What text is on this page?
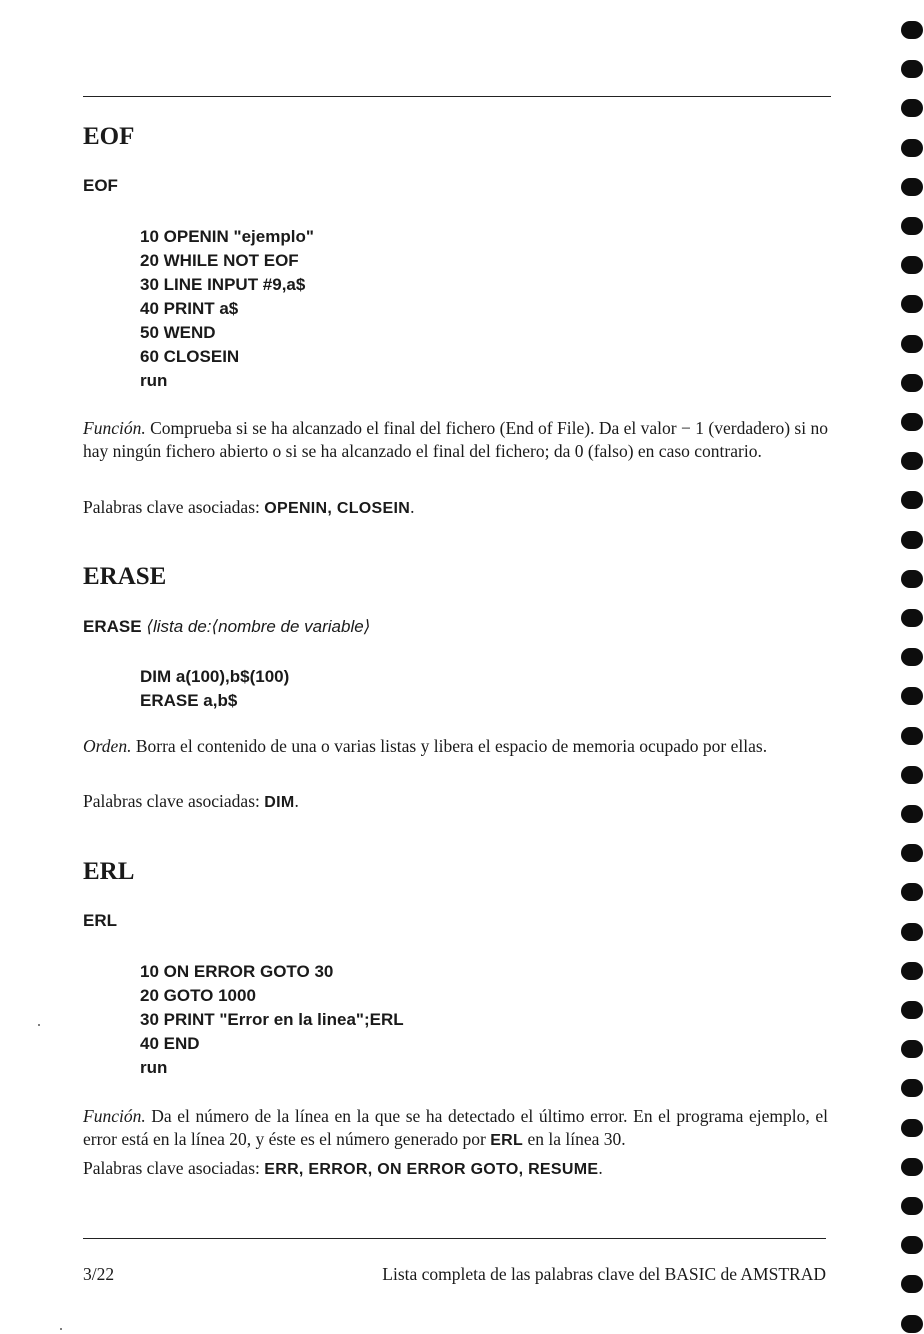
EOF
EOF
10 OPENIN "ejemplo"
20 WHILE NOT EOF
30 LINE INPUT #9,a$
40 PRINT a$
50 WEND
60 CLOSEIN
run

Función. Comprueba si se ha alcanzado el final del fichero (End of File). Da el valor − 1 (verdadero) si no hay ningún fichero abierto o si se ha alcanzado el final del fichero; da 0 (falso) en caso contrario.

Palabras clave asociadas: OPENIN, CLOSEIN.

ERASE
ERASE ⟨lista de:⟨nombre de variable⟩
DIM a(100),b$(100)
ERASE a,b$

Orden. Borra el contenido de una o varias listas y libera el espacio de memoria ocupado por ellas.

Palabras clave asociadas: DIM.

ERL
ERL
10 ON ERROR GOTO 30
20 GOTO 1000
30 PRINT "Error en la linea";ERL
40 END
run

Función. Da el número de la línea en la que se ha detectado el último error. En el programa ejemplo, el error está en la línea 20, y éste es el número generado por ERL en la línea 30.

Palabras clave asociadas: ERR, ERROR, ON ERROR GOTO, RESUME.

3/22	Lista completa de las palabras clave del BASIC de AMSTRAD
